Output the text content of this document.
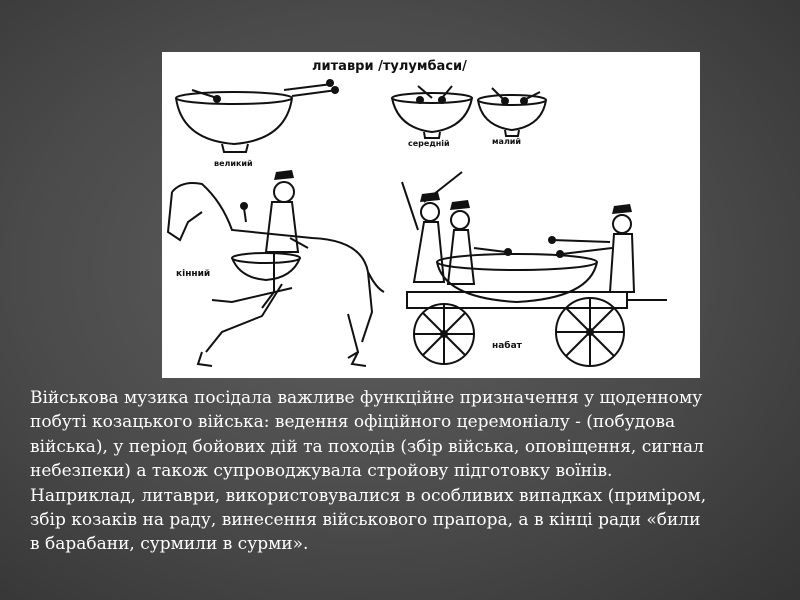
литаври /тулумбаси/
великий
середній	малий
кінний
набат
Військова музика посідала важливе функційне призначення у щоденному
побуті козацького війська: ведення офіційного церемоніалу - (побудова
війська), у період бойових дій та походів (збір війська, оповіщення, сигнал
небезпеки) а також супроводжувала стройову підготовку воїнів.
Наприклад, литаври, використовувалися в особливих випадках (приміром,
збір козаків на раду, винесення військового прапора, а в кінці ради «били
в барабани, сурмили в сурми».
